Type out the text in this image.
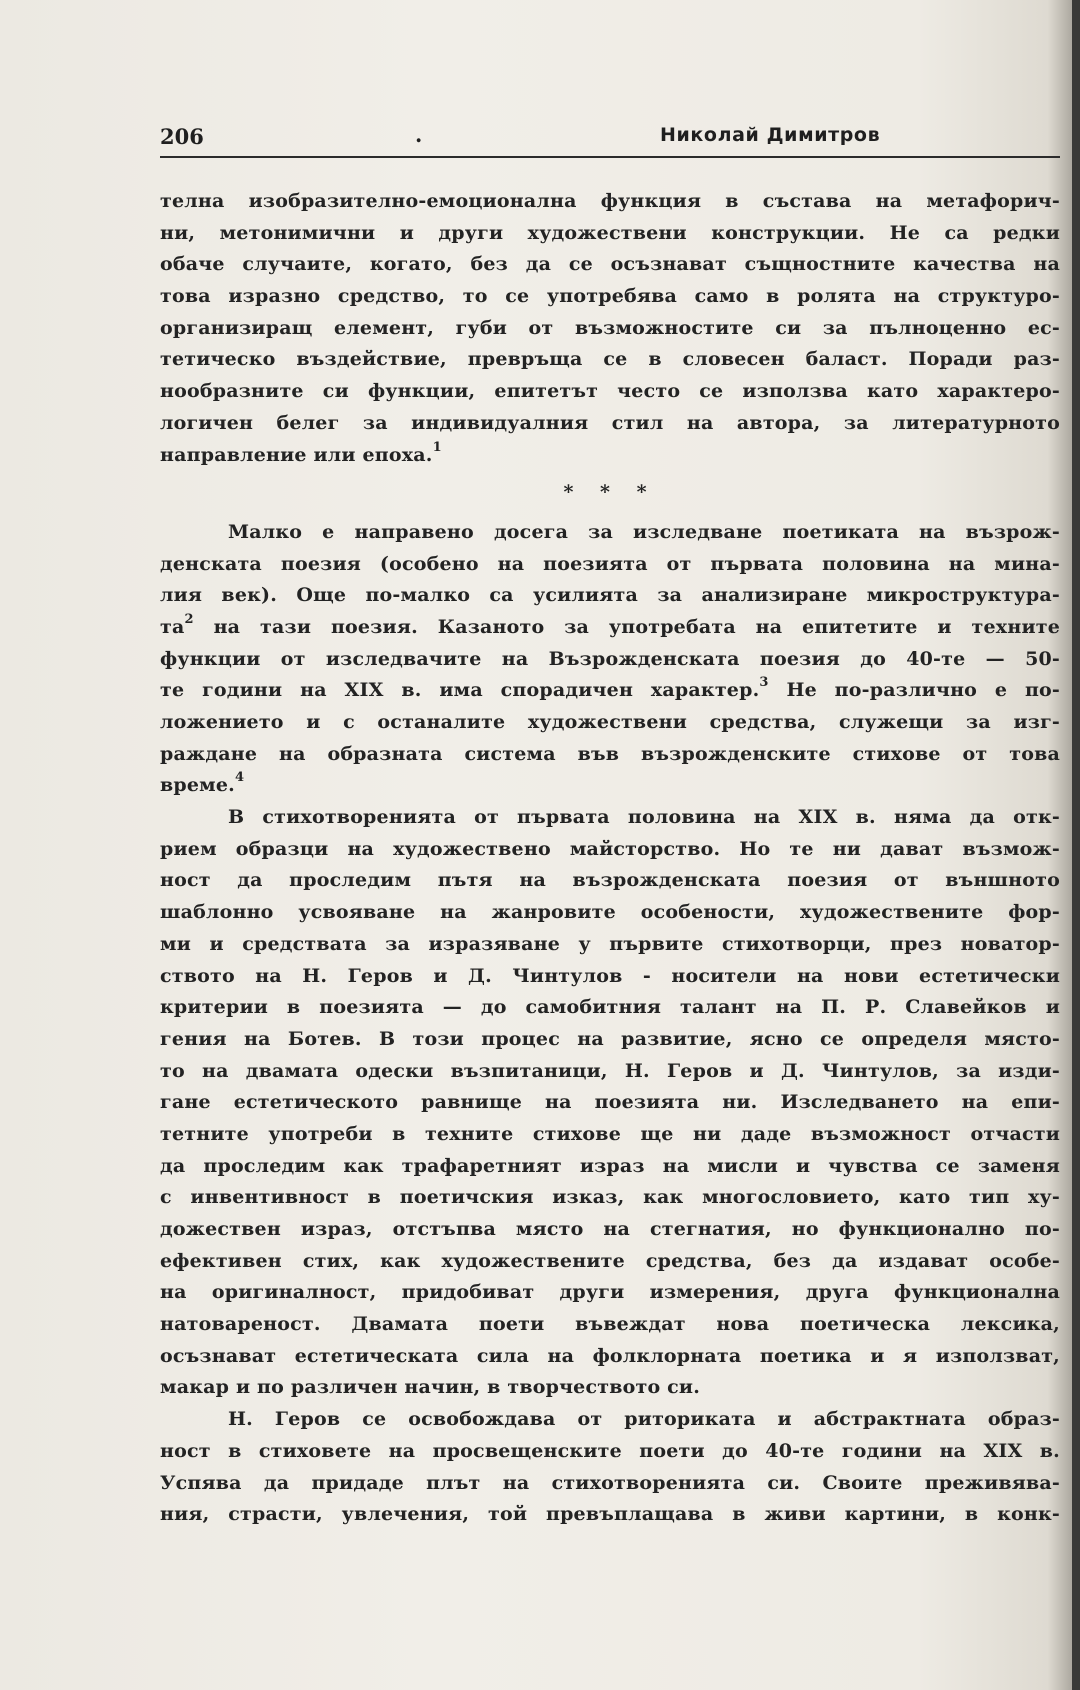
206	.	Николай Димитров
телна изобразително-емоционална функция в състава на метафорич-
ни, метонимични и други художествени конструкции. Не са редки
обаче случаите, когато, без да се осъзнават същностните качества на
това изразно средство, то се употребява само в ролята на структуро-
организиращ елемент, губи от възможностите си за пълноценно ес-
тетическо въздействие, превръща се в словесен баласт. Поради раз-
нообразните си функции, епитетът често се използва като характеро-
логичен белег за индивидуалния стил на автора, за литературното
направление или епоха.$^1$
* * *
Малко е направено досега за изследване поетиката на възрож-
денската поезия (особено на поезията от първата половина на мина-
лия век). Още по-малко са усилията за анализиране микроструктура-
$та^2$ на тази поезия. Казаното за употребата на епитетите и техните
функции от изследвачите на Възрожденската поезия до 40-те — 50-
те години на XIX в. има спорадичен характер.$^3$ Не по-различно е по-
ложението и с останалите художествени средства, служещи за изг-
раждане на образната система във възрожденските стихове от това
време.$^4$
В стихотворенията от първата половина на XIX в. няма да отк-
рием образци на художествено майсторство. Но те ни дават възмож-
ност да проследим пътя на възрожденската поезия от външното
шаблонно усвояване на жанровите особености, художествените фор-
ми и средствата за изразяване у първите стихотворци, през новатор-
ството на Н. Геров и Д. Чинтулов - носители на нови естетически
критерии в поезията — до самобитния талант на П. Р. Славейков и
гения на Ботев. В този процес на развитие, ясно се определя място-
то на двамата одески възпитаници, Н. Геров и Д. Чинтулов, за изди-
гане естетическото равнище на поезията ни. Изследването на епи-
тетните употреби в техните стихове ще ни даде възможност отчасти
да проследим как трафаретният израз на мисли и чувства се заменя
с инвентивност в поетичския изказ, как многословието, като тип ху-
дожествен израз, отстъпва място на стегнатия, но функционално по-
ефективен стих, как художествените средства, без да издават особе-
на оригиналност, придобиват други измерения, друга функционална
натовареност. Двамата поети въвеждат нова поетическа лексика,
осъзнават естетическата сила на фолклорната поетика и я използват,
макар и по различен начин, в творчеството си.
Н. Геров се освобождава от риториката и абстрактната образ-
ност в стиховете на просвещенските поети до 40-те години на XIX в.
Успява да придаде плът на стихотворенията си. Своите преживява-
ния, страсти, увлечения, той превъплащава в живи картини, в конк-
